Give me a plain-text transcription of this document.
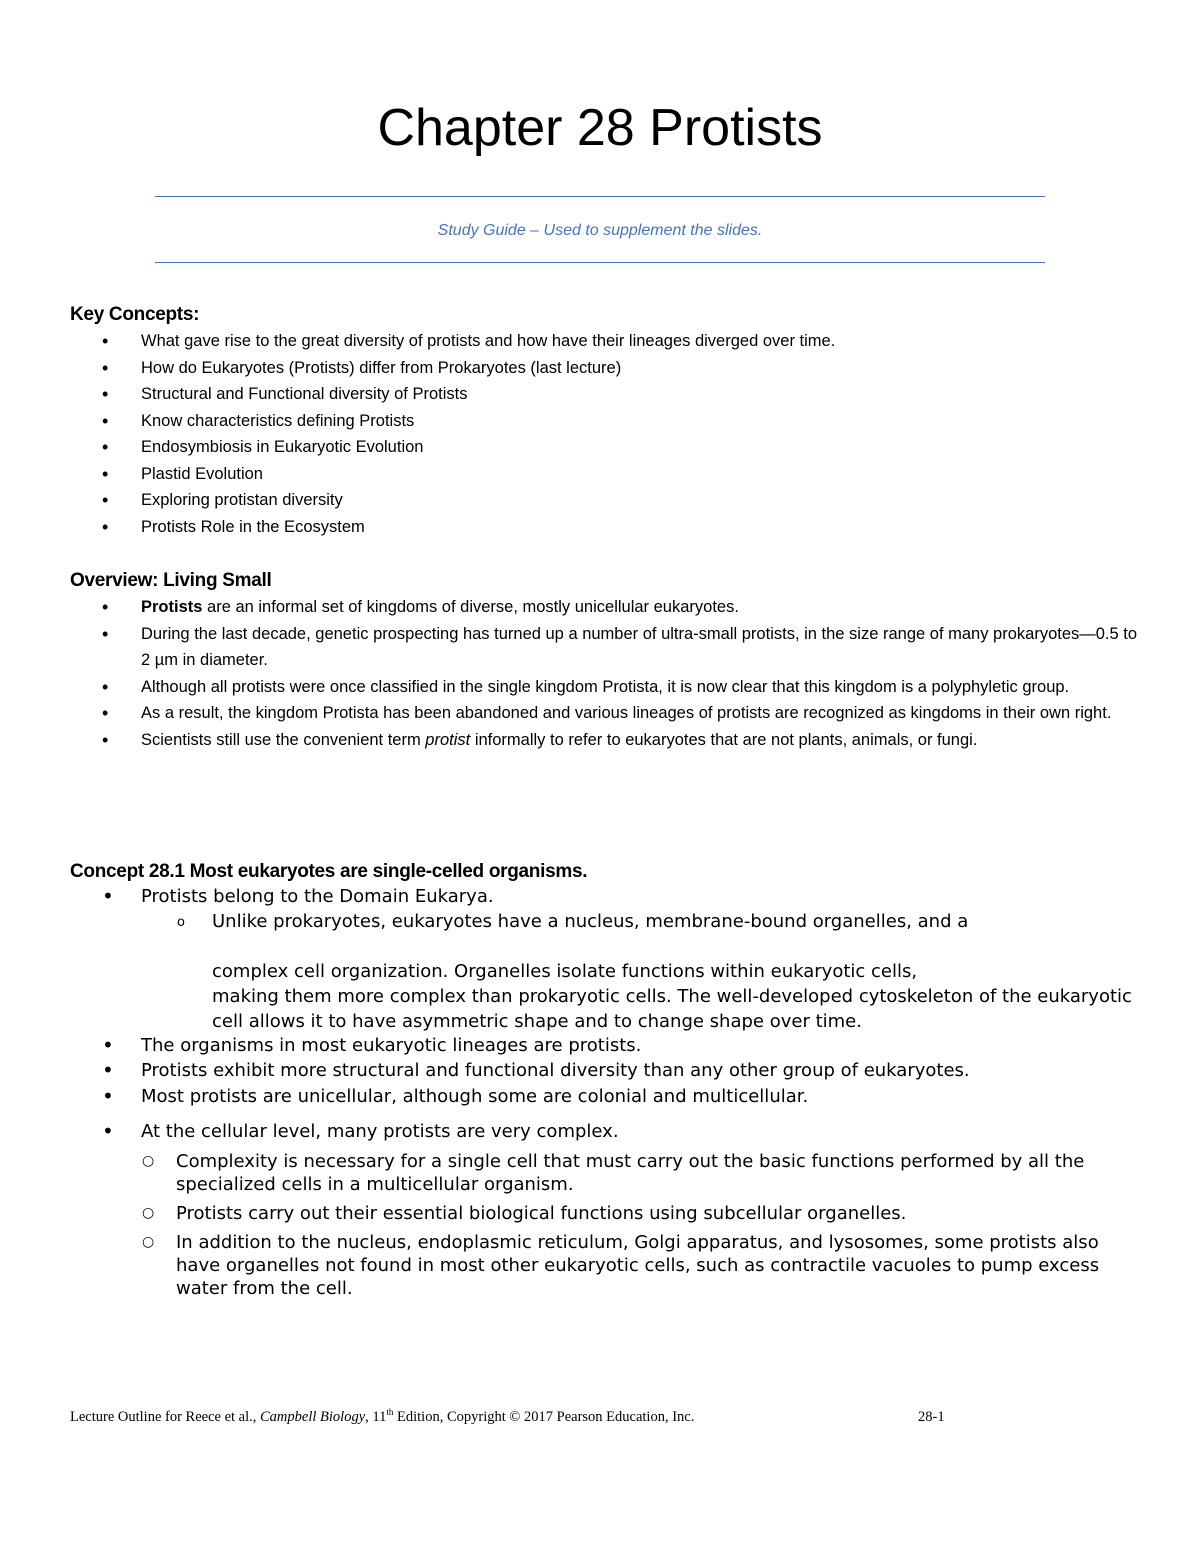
Chapter 28 Protists
Study Guide – Used to supplement the slides.
Key Concepts:
• What gave rise to the great diversity of protists and how have their lineages diverged over time.
• How do Eukaryotes (Protists) differ from Prokaryotes (last lecture)
• Structural and Functional diversity of Protists
• Know characteristics defining Protists
• Endosymbiosis in Eukaryotic Evolution
• Plastid Evolution
• Exploring protistan diversity
• Protists Role in the Ecosystem
Overview: Living Small
• Protists are an informal set of kingdoms of diverse, mostly unicellular eukaryotes.
• During the last decade, genetic prospecting has turned up a number of ultra-small protists, in the size range of many prokaryotes—0.5 to 2 µm in diameter.
• Although all protists were once classified in the single kingdom Protista, it is now clear that this kingdom is a polyphyletic group.
• As a result, the kingdom Protista has been abandoned and various lineages of protists are recognized as kingdoms in their own right.
• Scientists still use the convenient term protist informally to refer to eukaryotes that are not plants, animals, or fungi.
Concept 28.1 Most eukaryotes are single-celled organisms.
• Protists belong to the Domain Eukarya.
o Unlike prokaryotes, eukaryotes have a nucleus, membrane-bound organelles, and a
complex cell organization. Organelles isolate functions within eukaryotic cells,
making them more complex than prokaryotic cells. The well-developed cytoskeleton of the eukaryotic cell allows it to have asymmetric shape and to change shape over time.
• The organisms in most eukaryotic lineages are protists.
• Protists exhibit more structural and functional diversity than any other group of eukaryotes.
• Most protists are unicellular, although some are colonial and multicellular.
• At the cellular level, many protists are very complex.
○ Complexity is necessary for a single cell that must carry out the basic functions performed by all the specialized cells in a multicellular organism.
○ Protists carry out their essential biological functions using subcellular organelles.
○ In addition to the nucleus, endoplasmic reticulum, Golgi apparatus, and lysosomes, some protists also have organelles not found in most other eukaryotic cells, such as contractile vacuoles to pump excess water from the cell.
Lecture Outline for Reece et al., Campbell Biology, 11th Edition, Copyright © 2017 Pearson Education, Inc.	28-1
